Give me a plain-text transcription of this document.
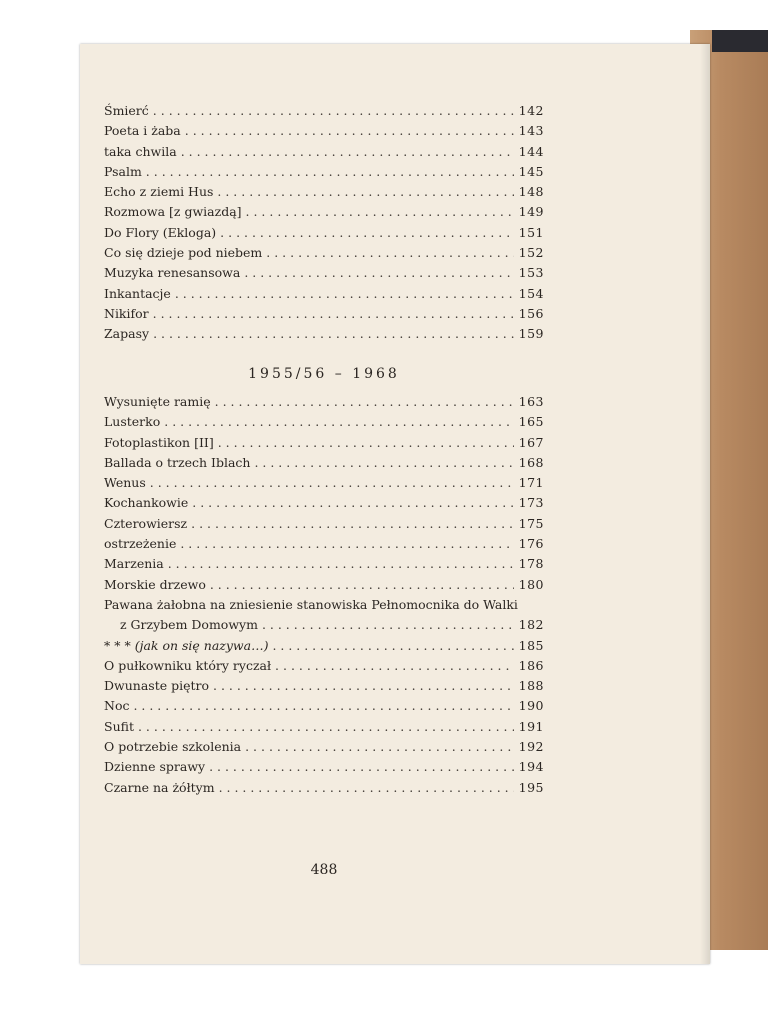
Śmierć . . .	142
Poeta i żaba . . .	143
taka chwila . . .	144
Psalm . . .	145
Echo z ziemi Hus . . .	148
Rozmowa [z gwiazdą] . . .	149
Do Flory (Ekloga) . . .	151
Co się dzieje pod niebem . . .	152
Muzyka renesansowa . . .	153
Inkantacje . . .	154
Nikifor . . .	156
Zapasy . . .	159
1955/56 – 1968
Wysunięte ramię . . .	163
Lusterko . . .	165
Fotoplastikon [II] . . .	167
Ballada o trzech Iblach . . .	168
Wenus . . .	171
Kochankowie . . .	173
Czterowiersz . . .	175
ostrzeżenie . . .	176
Marzenia . . .	178
Morskie drzewo . . .	180
Pawana żałobna na zniesienie stanowiska Pełnomocnika do Walki
z Grzybem Domowym . . .	182
* * * (jak on się nazywa…) . . .	185
O pułkowniku który ryczał . . .	186
Dwunaste piętro . . .	188
Noc . . .	190
Sufit . . .	191
O potrzebie szkolenia . . .	192
Dzienne sprawy . . .	194
Czarne na żółtym . . .	195
488
